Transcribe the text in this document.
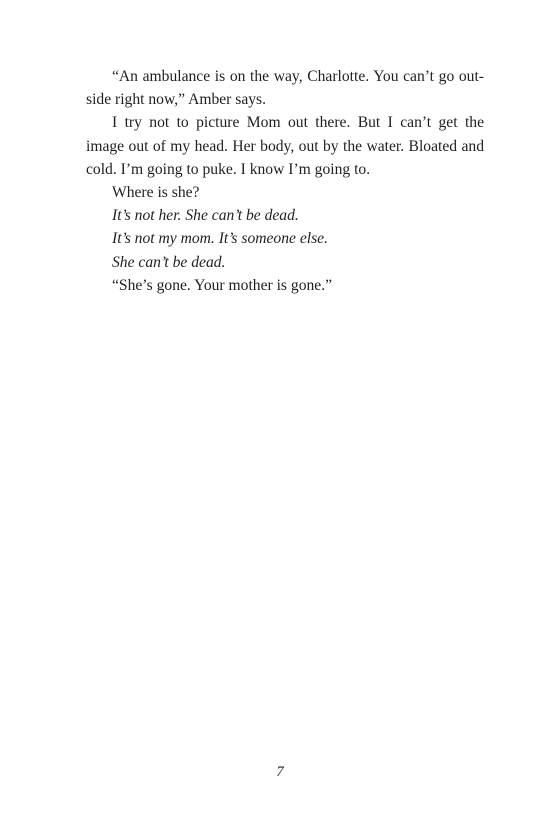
“An ambulance is on the way, Charlotte. You can’t go out- side right now,” Amber says.

I try not to picture Mom out there. But I can’t get the image out of my head. Her body, out by the water. Bloated and cold. I’m going to puke. I know I’m going to.

Where is she?

It’s not her. She can’t be dead.

It’s not my mom. It’s someone else.

She can’t be dead.

“She’s gone. Your mother is gone.”

7
